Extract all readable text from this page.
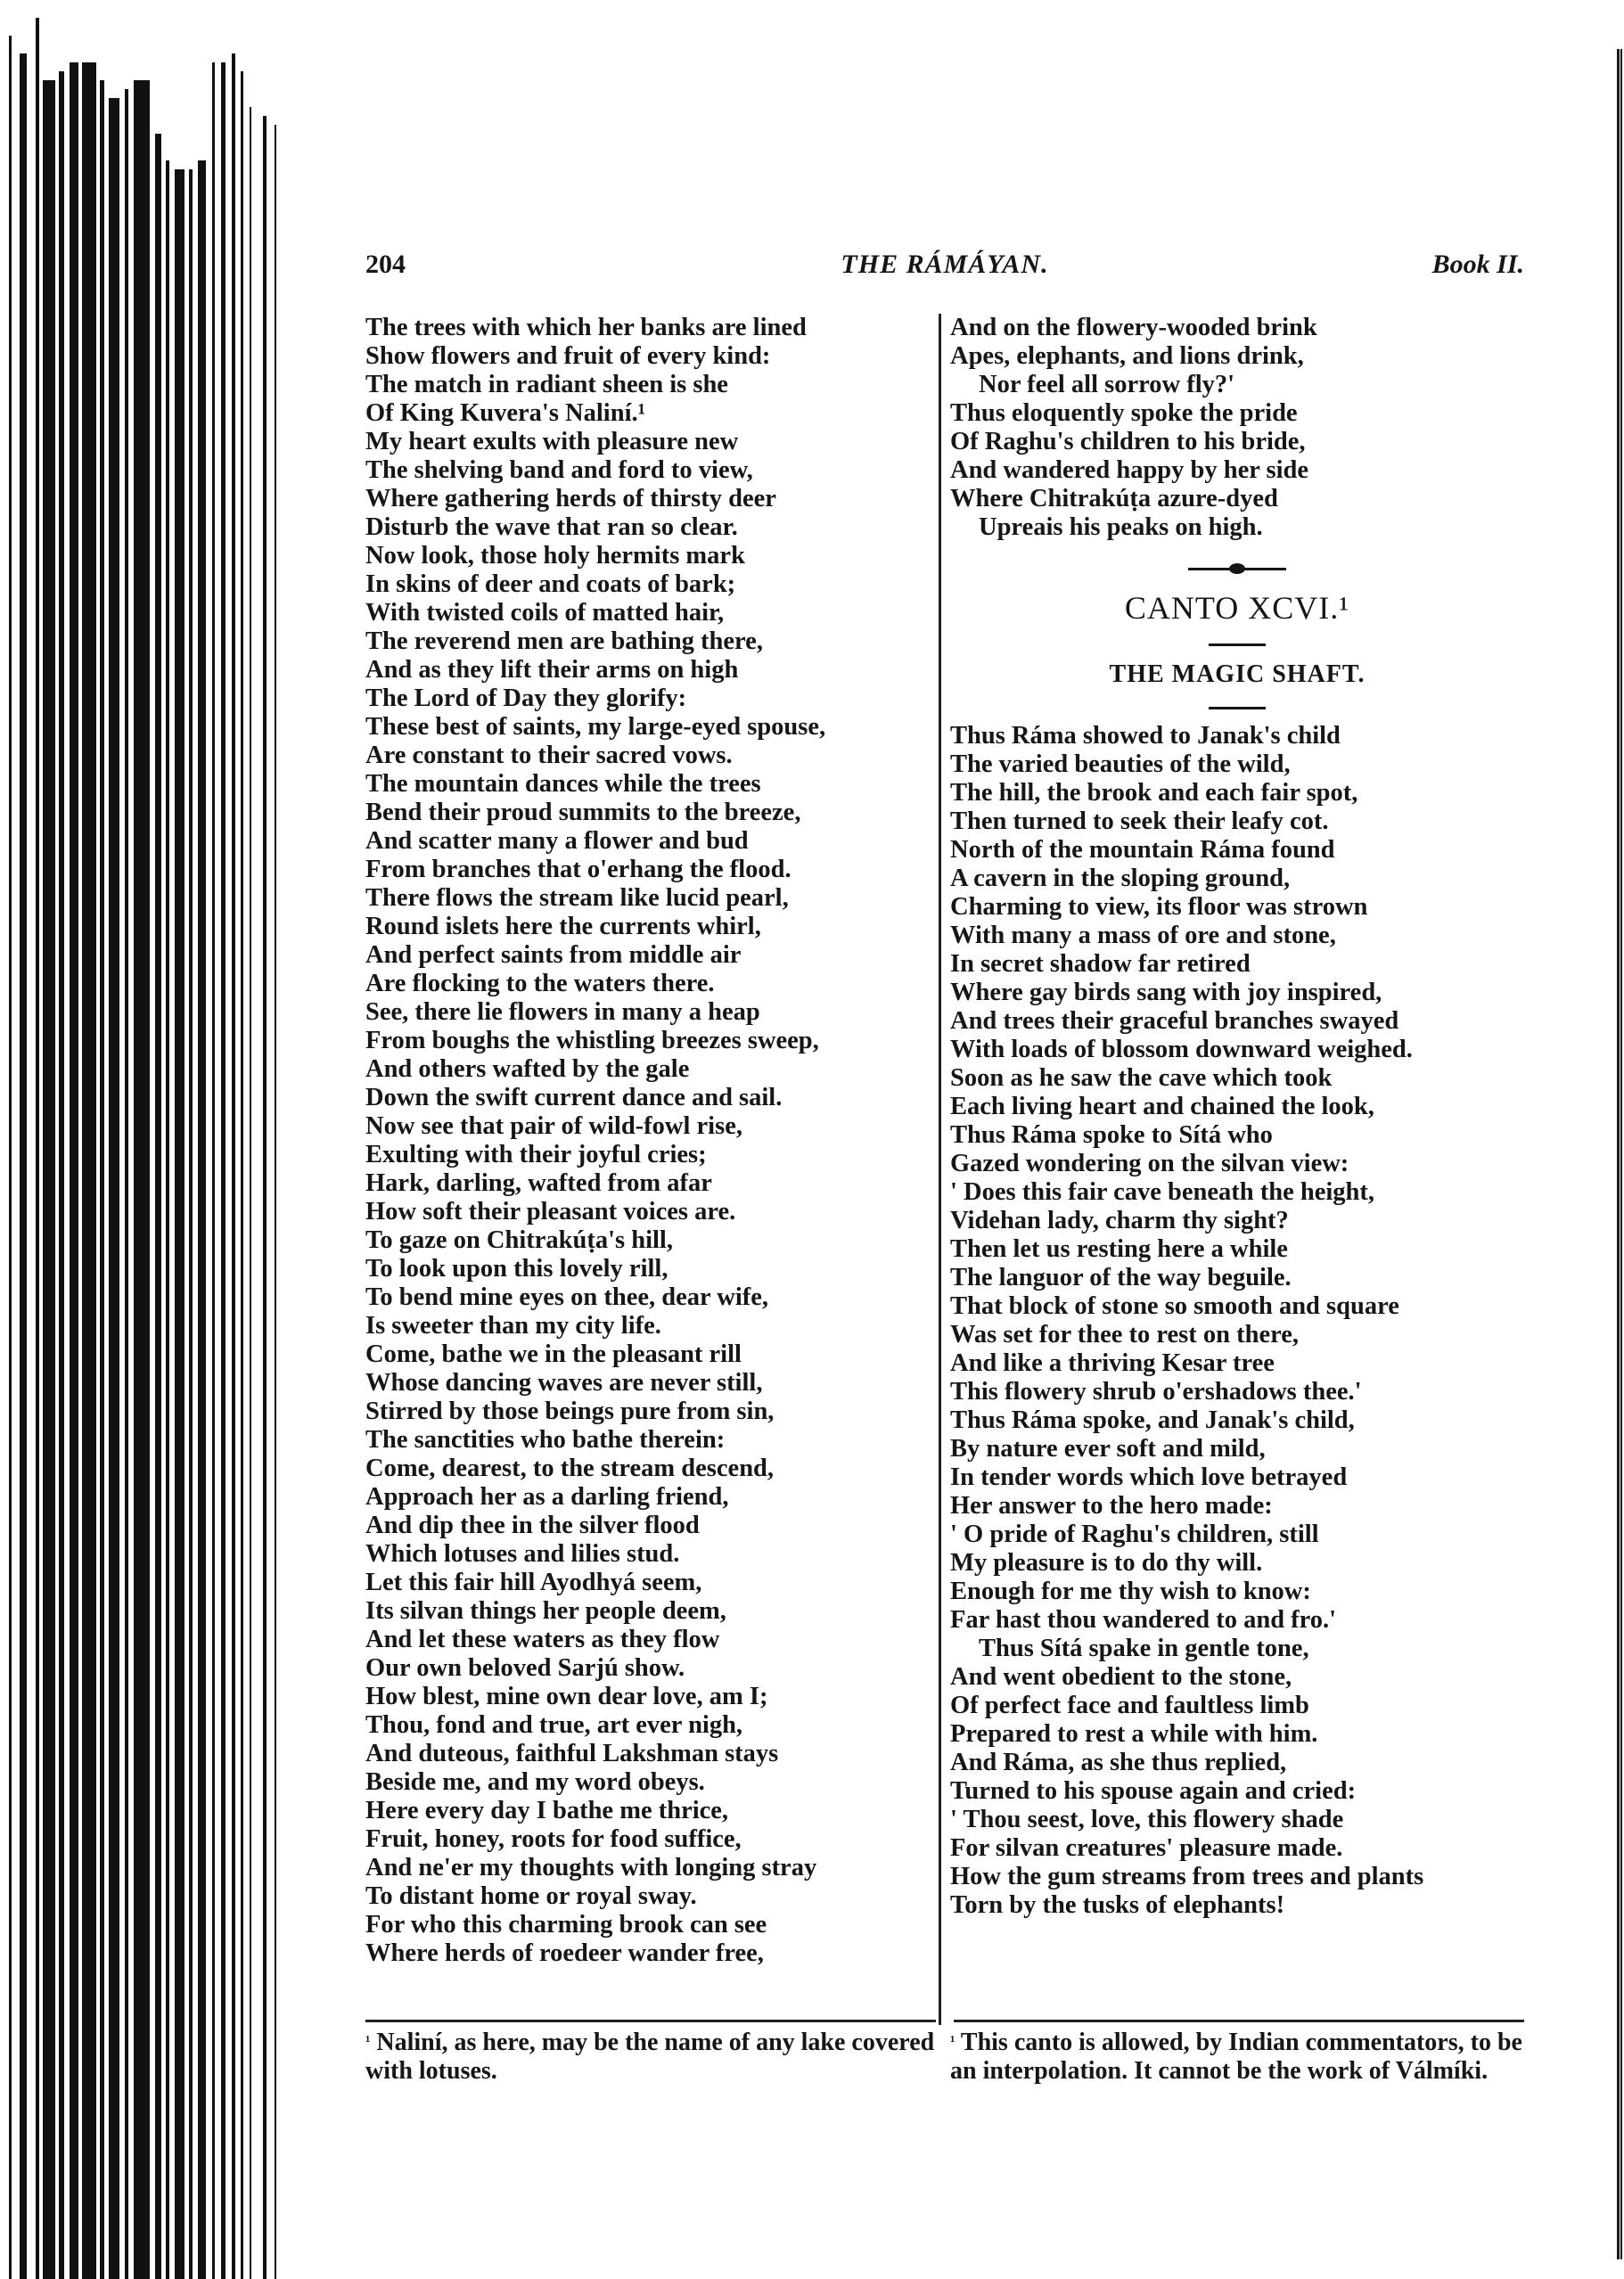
204	THE RÁMÁYAN.	Book II.
The trees with which her banks are lined
Show flowers and fruit of every kind:
The match in radiant sheen is she
Of King Kuvera's Naliní.¹
My heart exults with pleasure new
The shelving band and ford to view,
Where gathering herds of thirsty deer
Disturb the wave that ran so clear.
Now look, those holy hermits mark
In skins of deer and coats of bark;
With twisted coils of matted hair,
The reverend men are bathing there,
And as they lift their arms on high
The Lord of Day they glorify:
These best of saints, my large-eyed spouse,
Are constant to their sacred vows.
The mountain dances while the trees
Bend their proud summits to the breeze,
And scatter many a flower and bud
From branches that o'erhang the flood.
There flows the stream like lucid pearl,
Round islets here the currents whirl,
And perfect saints from middle air
Are flocking to the waters there.
See, there lie flowers in many a heap
From boughs the whistling breezes sweep,
And others wafted by the gale
Down the swift current dance and sail.
Now see that pair of wild-fowl rise,
Exulting with their joyful cries;
Hark, darling, wafted from afar
How soft their pleasant voices are.
To gaze on Chitrakúṭa's hill,
To look upon this lovely rill,
To bend mine eyes on thee, dear wife,
Is sweeter than my city life.
Come, bathe we in the pleasant rill
Whose dancing waves are never still,
Stirred by those beings pure from sin,
The sanctities who bathe therein:
Come, dearest, to the stream descend,
Approach her as a darling friend,
And dip thee in the silver flood
Which lotuses and lilies stud.
Let this fair hill Ayodhyá seem,
Its silvan things her people deem,
And let these waters as they flow
Our own beloved Sarjú show.
How blest, mine own dear love, am I;
Thou, fond and true, art ever nigh,
And duteous, faithful Lakshman stays
Beside me, and my word obeys.
Here every day I bathe me thrice,
Fruit, honey, roots for food suffice,
And ne'er my thoughts with longing stray
To distant home or royal sway.
For who this charming brook can see
Where herds of roedeer wander free,
And on the flowery-wooded brink
Apes, elephants, and lions drink,
Nor feel all sorrow fly?'
Thus eloquently spoke the pride
Of Raghu's children to his bride,
And wandered happy by her side
Where Chitrakúṭa azure-dyed
Upreais his peaks on high.
CANTO XCVI.¹
THE MAGIC SHAFT.
Thus Ráma showed to Janak's child
The varied beauties of the wild,
The hill, the brook and each fair spot,
Then turned to seek their leafy cot.
North of the mountain Ráma found
A cavern in the sloping ground,
Charming to view, its floor was strown
With many a mass of ore and stone,
In secret shadow far retired
Where gay birds sang with joy inspired,
And trees their graceful branches swayed
With loads of blossom downward weighed.
Soon as he saw the cave which took
Each living heart and chained the look,
Thus Ráma spoke to Sítá who
Gazed wondering on the silvan view:
' Does this fair cave beneath the height,
Videhan lady, charm thy sight?
Then let us resting here a while
The languor of the way beguile.
That block of stone so smooth and square
Was set for thee to rest on there,
And like a thriving Kesar tree
This flowery shrub o'ershadows thee.'
Thus Ráma spoke, and Janak's child,
By nature ever soft and mild,
In tender words which love betrayed
Her answer to the hero made:
' O pride of Raghu's children, still
My pleasure is to do thy will.
Enough for me thy wish to know:
Far hast thou wandered to and fro.'
Thus Sítá spake in gentle tone,
And went obedient to the stone,
Of perfect face and faultless limb
Prepared to rest a while with him.
And Ráma, as she thus replied,
Turned to his spouse again and cried:
' Thou seest, love, this flowery shade
For silvan creatures' pleasure made.
How the gum streams from trees and plants
Torn by the tusks of elephants!
$^{^1}$ Naliní, as here, may be the name of any lake covered with lotuses.
$^{^1}$ This canto is allowed, by Indian commentators, to be an interpolation. It cannot be the work of Válmíki.
